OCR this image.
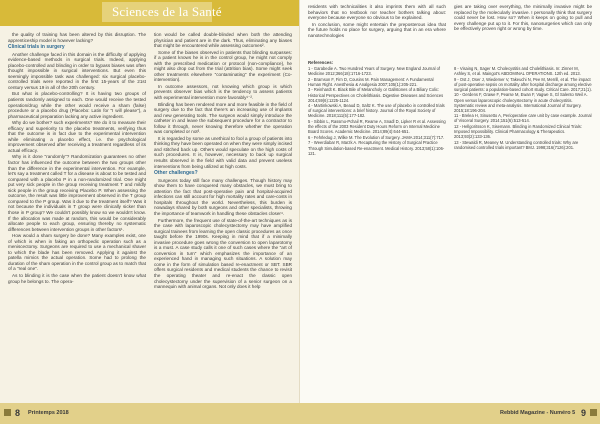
Sciences de la Santé

the quality of training has been altered by this disruption. The apprenticeship model is however lacking?

Clinical trials in surgery

Another challenge faced in this domain is the difficulty of applying evidence-based methods in surgical trials. Indeed, applying placebo-controlled and blinding in order to bypass biases was often thought impossible in surgical interventions. But even this seemingly impossible task was challenged: six surgical placebo-controlled trials were reported in the first 15-years of the 21st century versus 19 in all of the 20th century.

But what is placebo-controlling? It is having two groups of patients randomly assigned to each. One would receive the tested operation/drug while the other would receive a sham (false) procedure or a placebo drug (Placebo: Latin for "I will please"), a pharmaceutical preparation lacking any active ingredient.

Why do we bother? such experiments? We do it to measure their efficacy and superiority to the placebo treatments, verifying thus that the outcome is in fact due to the experimental intervention while eliminating a placebo effect, i.e. the psychological improvement observed after receiving a treatment regardless of its actual efficacy.

Why is it done "randomly"? Randomization guarantees no other factor has influenced the outcome between the two groups other than the difference in the experimental intervention. For example, let's say a treatment called T for a disease is about to be tested and compared with a placebo P in a non-randomized trial. One might put very sick people in the group receiving treatment T and mildly sick people in the group receiving Placebo P. When assessing the outcome, the result was little improvement observed in the T group compared to the P group. Was it due to the treatment itself? Was it not because the individuals in T group were clinically sicker than those in P group? We couldn't possibly know so we wouldn't know. If the allocation was made at random, this would be considerably allocate people to each group, ensuring thereby no systematic differences between intervention groups in other factors¹.

How would a sham surgery be done? Many examples exist, one of which is when in faking an orthopedic operation such as a meniscectomy. Surgeons are required to use a mechanical shaver to which the blade has been removed. Applying it against the patella mimics the actual operation. Some had to prolong the duration of the sham operation in the control group as to match that of a "real one".

As to blinding it is the case when the patient doesn't know what group he belongs to. The opera-

tion would be called double-blinded when both the attending physician and patient are in the dark. Thus, eliminating any biases that might be encountered while assessing outcomes².

Some of the biases observed in patients that blinding surpasses: if a patient knows he is in the control group, he might not comply with the prescribed medication or protocol (non-compliance), he might also drop out from the trial (attrition bias). Some might seek other treatments elsewhere "contaminating" the experiment (Co-intervention).

In outcome assessors, not knowing which group is which prevents observer bias which is the tendency to assess patients with experimental intervention more favorably¹⁻².

Blinding has been rendered more and more feasible in the field of surgery due to the fact that there's an increasing use of implants and new generating tools. The surgeon would simply introduce the catheter in and leave the subsequent procedure for a contractor to follow it through, never knowing therefore whether the operation was completed or not³.

It is regarded by some as unethical to fool a group of patients into thinking they have been operated on when they were simply incised and stitched back up. Others would speculate on the high costs of such procedures. It is, however, necessary to back up surgical results observed in the field with valid data and prevent useless interventions from being utilized at high costs.

Other challenges?

Surgeons today still face many challenges. Though history may show them to have conquered many obstacles, we must bring to attention the fact that post-operative pain and hospital-acquired infections can still account for high mortality rates and care-costs in hospitals throughout the world. Nevertheless, this burden is nowadays shared by both surgeons and other specialists, throwing the importance of teamwork in handling these obstacles closer⁴.

Furthermore, the frequent use of state-of-the-art techniques as is the case with laparoscopic cholecystectomy may have amplified surgical trainees from learning the open classic procedures as once taught before the 1990s. Keeping in mind that if a minimally invasive procedure goes wrong the conversion to open laparotomy is a must. A case study calls it one of such cases where the "art of conversion in turn" which emphasizes the importance of an experienced hand in managing such situations. A solution may come in the form of simulation based re-enactment or SBT. SBR offers surgical residents and medical students the chance to revisit the operating theater and re-enact the classic open cholecystectomy under the supervision of a senior surgeon on a mannequin with animal organs. Not only does it help

residents with technicalities it also imprints them with all such behaviors that no textbook nor teacher bothers talking about: everyone because everyone so obvious to be explained.

In conclusion, some might entertain the preposterous idea that the future holds no place for surgery, arguing that in an era where nanotechnologies

gies are taking over everything, the minimally invasive might be replaced by the molecularly invasive. I personally think that surgery could never be lost. How so? When it keeps on going to pull and every challenge put up to it. For this, nanosurgeries which can only be effectively proven right or wrong by time.

References:
1 - Garabedie A. Two Hundred Years of Surgery. New England Journal of Medicine 2012;366(18):1716-1723.
2 - Bramson F, Firn D, Cousins M. Pain Management: A Fundamental Human Right. Anesthesia & Analgesia 2007;105(1):205-221.
3 - Reinhardt K. Black Bile of Melancholy or Gallstones of a Biliary Colic: Historical Perspectives on Cholelithiasis. Digestive Diseases and Sciences 2014;59(6):1225-1124.
4 - Martinkowski A, Beaud D, Saltz K. The use of placebo in controlled trials of surgical interventions: a brief history. Journal of the Royal Society of Medicine. 2018;111(5):177-182.
5 - Sibbin L, Rassmo-Pchail R, Reame A, Snadl D, Lipker R et al. Assessing the effects of the 2003 Resident Duty Hours Reform on Internal Medicine Board Scores. Academic Medicine. 2014;89(4):644-651.
6 - Fehrledug J, Wilke M. The Evolution of Surgery. JAMA 2014;311(7):717.
7 - Weerdiabar R, Marzk A. Recapturing the History of Surgical Practice Through Simulation-based Re-enactment. Medical History. 2013;58(1):106-121.
8 - Visaing N, Sager M. Cholecystitis and Cholelithiasis. In: Zinner M, Ashley S, et al. Maingot's ABDOMINAL OPERATIONS. 12th ed. 2013.
9 - Ost J, Oser J, Wiedemer V, Takeuchi N, Pee M, Merrill, et al. The impact of post-operative sepsis on mortality after hospital discharge among elective surgical patients: a population-based cohort study. Critical Care. 2017;21(1).
10 - Gerdens F, Grawe F, Pearse M, Ewan F, Vagwe S, Gl Salento Weil A. Open versus laparoscopic cholecystectomy in acute cholecystitis. Systematic review and meta-analysis. International Journal of Surgery. 2015;18:196-204.
11 - Brelea H, Sinusetto A, Perioperative care unit by case example. Journal of Visceral Surgery. 2014;151(6):513-514.
12 - Hellgoritsson K, Sisemann. Blinding in Randomized Clinical Trials: Imposed Impossibility. Clinical Pharmacology & Therapeutics. 2013;93(2):133-136.
13 - Stewaldi R, Meaney M. Understanding controlled trials: Why are randomised controlled trials important? BMJ. 1998;316(7126):201.
8 Printemps 2018	Rebbid Magazine - Numéro 5 9
